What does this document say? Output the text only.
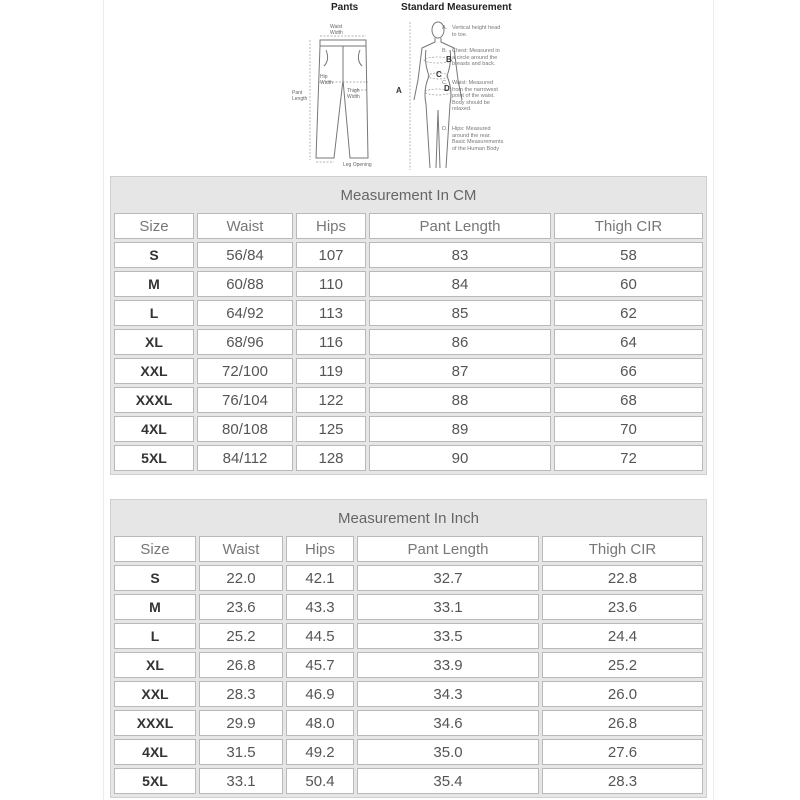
Pants	Standard Measurement
Waist
Width
Hip
Width
Pant
Length
Thigh
Width
Leg Opening
A
B
C
D
A. Vertical height head
to toe.
B. Chest: Measured in
a circle around the
breasts and back.
C. Waist: Measured
from the narrowest
point of the waist.
Body should be
relaxed.
D. Hips: Measured
around the rear.
Basic Measurements
of the Human Body
Measurement In CM				
Size	Waist	Hips	Pant Length	Thigh CIR
S	56/84	107	83	58
M	60/88	110	84	60
L	64/92	113	85	62
XL	68/96	116	86	64
XXL	72/100	119	87	66
XXXL	76/104	122	88	68
4XL	80/108	125	89	70
5XL	84/112	128	90	72
Measurement In Inch				
Size	Waist	Hips	Pant Length	Thigh CIR
S	22.0	42.1	32.7	22.8
M	23.6	43.3	33.1	23.6
L	25.2	44.5	33.5	24.4
XL	26.8	45.7	33.9	25.2
XXL	28.3	46.9	34.3	26.0
XXXL	29.9	48.0	34.6	26.8
4XL	31.5	49.2	35.0	27.6
5XL	33.1	50.4	35.4	28.3
